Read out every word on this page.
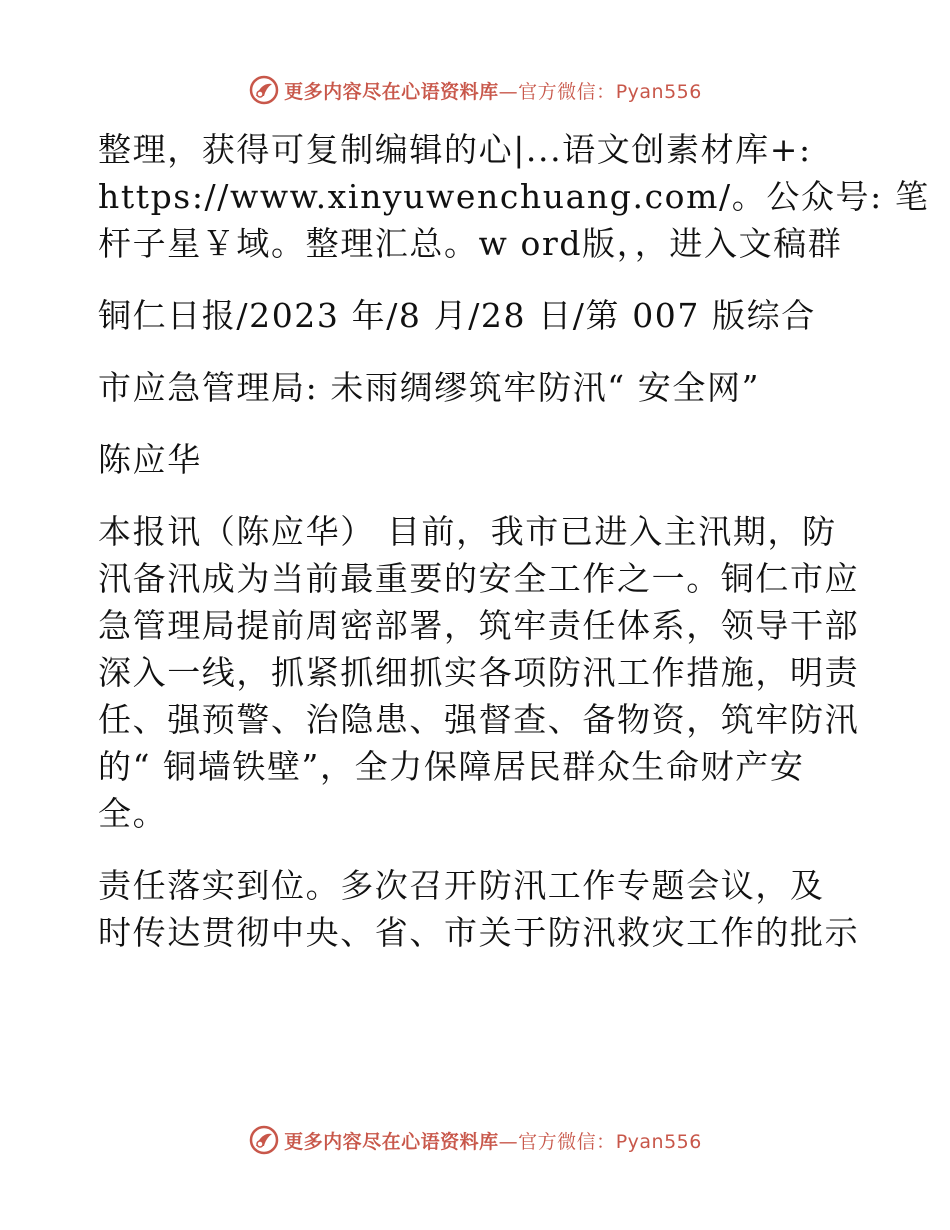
更多内容尽在心语资料库—官方微信：Pyan556

整理，获得可复制编辑的心|...语文创素材库+:
https://www.xinyuwenchuang.com/。公众号: 笔
杆子星￥域。整理汇总。w ord版，，进入文稿群

铜仁日报/2023 年/8 月/28 日/第 007 版综合

市应急管理局: 未雨绸缪筑牢防汛“ 安全网”

陈应华

本报讯（陈应华） 目前，我市已进入主汛期，防
汛备汛成为当前最重要的安全工作之一。铜仁市应
急管理局提前周密部署，筑牢责任体系，领导干部
深入一线，抓紧抓细抓实各项防汛工作措施，明责
任、强预警、治隐患、强督查、备物资，筑牢防汛
的“ 铜墙铁壁”，全力保障居民群众生命财产安
全。

责任落实到位。多次召开防汛工作专题会议，及
时传达贯彻中央、省、市关于防汛救灾工作的批示

更多内容尽在心语资料库—官方微信：Pyan556
